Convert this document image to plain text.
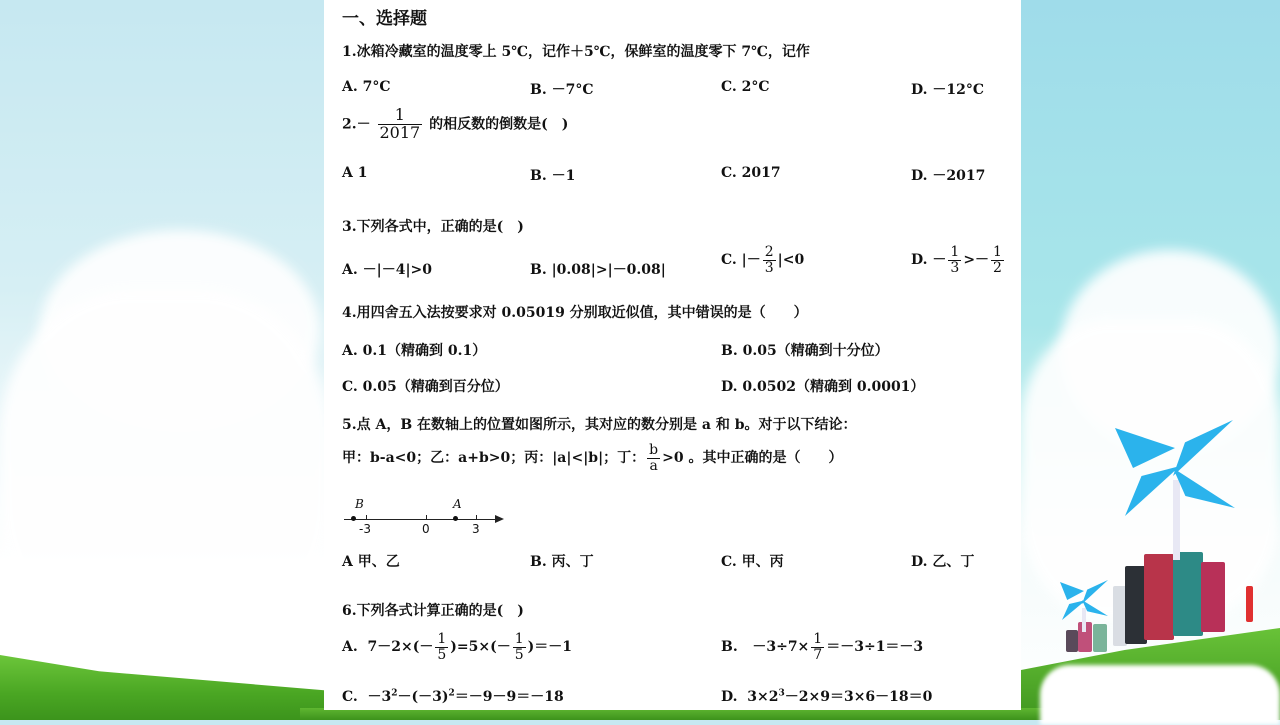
一、选择题
1.冰箱冷藏室的温度零上 5℃，记作＋5℃，保鲜室的温度零下 7℃，记作
A. 7°C	B. －7°C	C. 2°C	D. －12°C
$2.- \frac{1}{2017}$ 的相反数的倒数是(　)
A 1	B. －1	C. 2017	D. －2017
3.下列各式中，正确的是(　)
A. －|－4|>0	B. |0.08|>|－0.08|
C. |－ $\frac{2}{3} |<0$	D. － $\frac{1}{3} >- \frac{1}{2}$
4.用四舍五入法按要求对 0.05019 分别取近似值，其中错误的是（　　）
A. 0.1（精确到 0.1）	B. 0.05（精确到十分位）
C. 0.05（精确到百分位）	D. 0.0502（精确到 0.0001）
5.点 A，B 在数轴上的位置如图所示，其对应的数分别是 a 和 b。对于以下结论：
甲：b-a<0；乙：a+b>0；丙：|a|<|b|；丁： $\frac{b}{a} >0$ 。其中正确的是（　　）
B
-3	0
A
3
A 甲、乙	B. 丙、丁	C. 甲、丙	D. 乙、丁
6.下列各式计算正确的是(　)
A. $7-2\times(- \frac{1}{5} )=5\times(- \frac{1}{5} )=-1$	B. $-3\div 7\times \frac{1}{7} =-3\div 1=-3$
C. $-3^2-(-3)^2=-9-9=-18$	D. $3\times 2^3-2\times 9=3\times 6-18=0$
